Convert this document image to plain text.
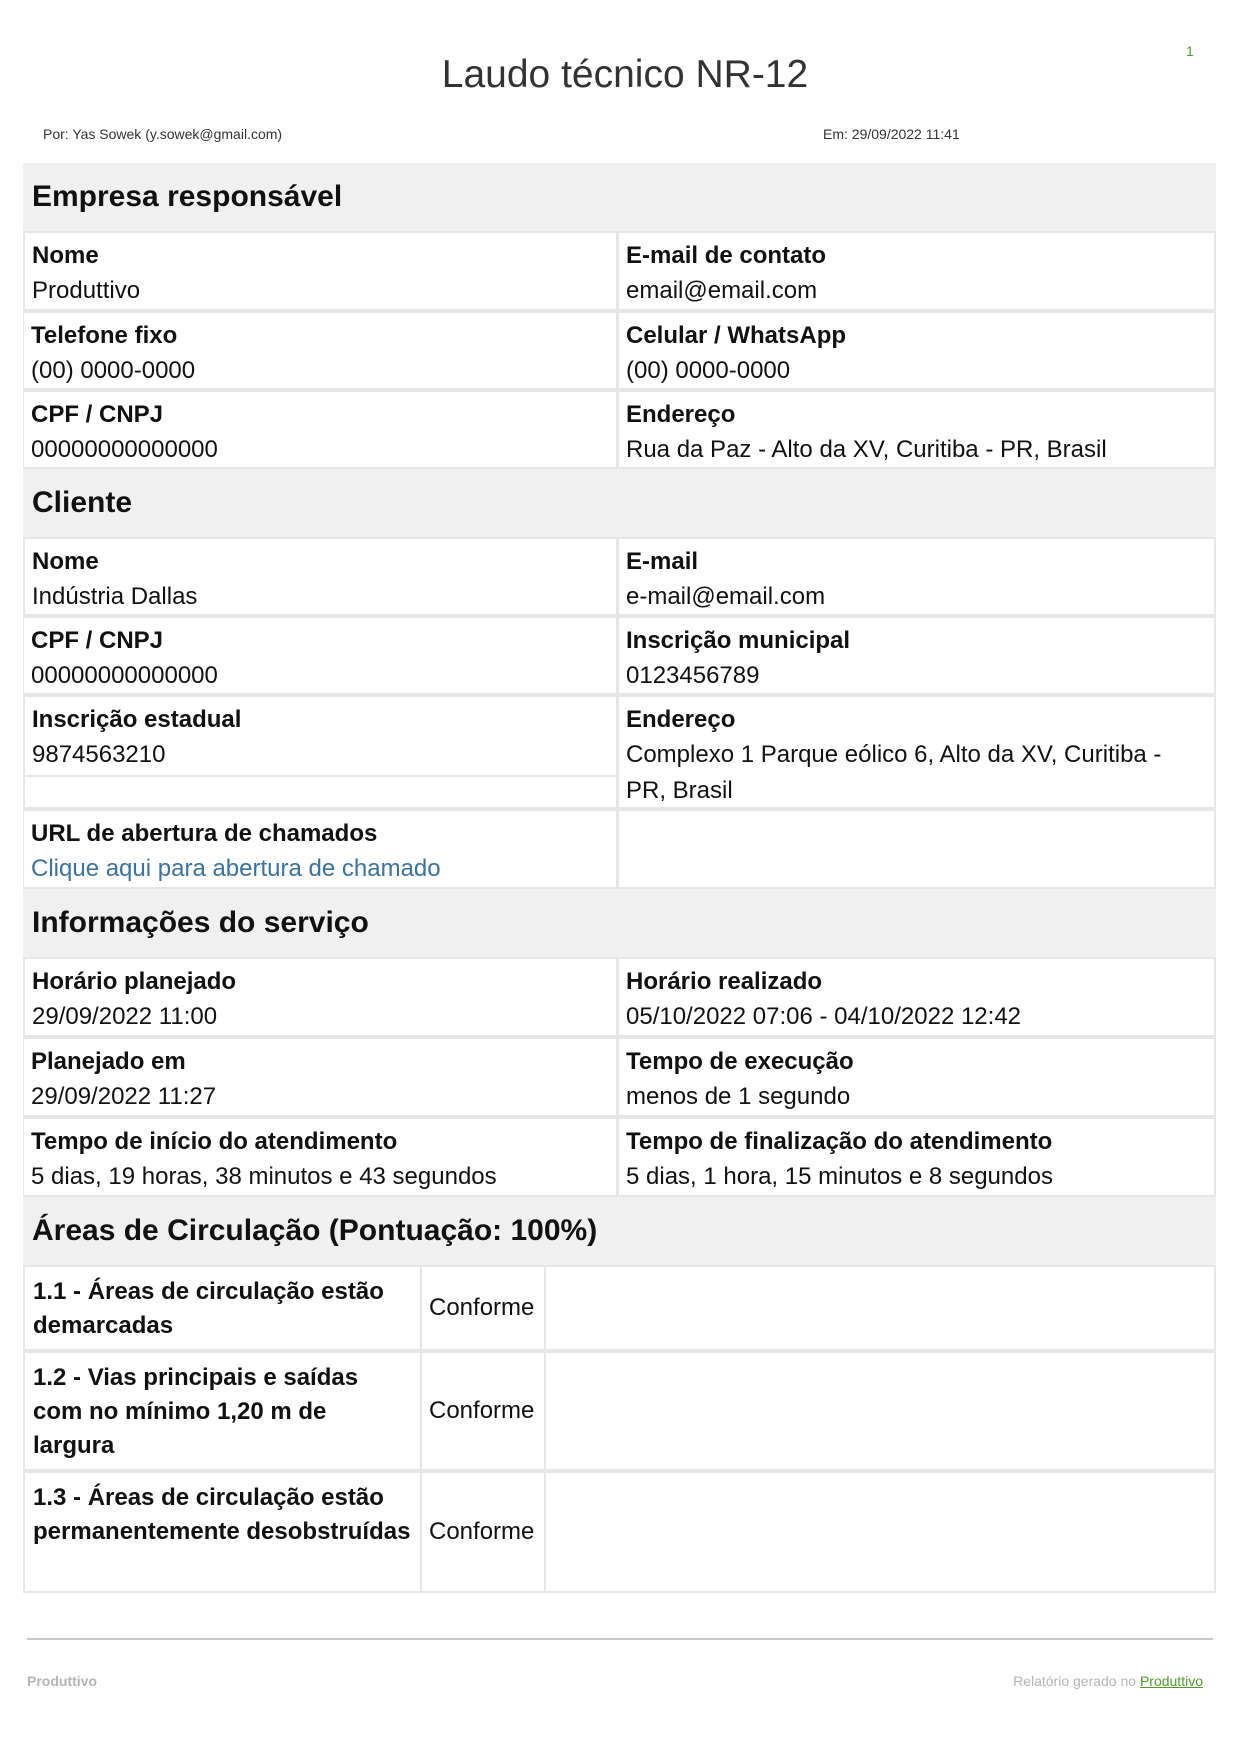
1
Laudo técnico NR-12
Por: Yas Sowek (y.sowek@gmail.com)	Em: 29/09/2022 11:41
Empresa responsável
Nome
Produttivo
E-mail de contato
email@email.com
Telefone fixo
(00) 0000-0000
Celular / WhatsApp
(00) 0000-0000
CPF / CNPJ
00000000000000
Endereço
Rua da Paz - Alto da XV, Curitiba - PR, Brasil
Cliente
Nome
Indústria Dallas
E-mail
e-mail@email.com
CPF / CNPJ
00000000000000
Inscrição municipal
0123456789
Inscrição estadual
9874563210
Endereço
Complexo 1 Parque eólico 6, Alto da XV, Curitiba - PR, Brasil
URL de abertura de chamados
Clique aqui para abertura de chamado
Informações do serviço
Horário planejado
29/09/2022 11:00
Horário realizado
05/10/2022 07:06 - 04/10/2022 12:42
Planejado em
29/09/2022 11:27
Tempo de execução
menos de 1 segundo
Tempo de início do atendimento
5 dias, 19 horas, 38 minutos e 43 segundos
Tempo de finalização do atendimento
5 dias, 1 hora, 15 minutos e 8 segundos
Áreas de Circulação (Pontuação: 100%)
1.1 - Áreas de circulação estão demarcadas
Conforme
1.2 - Vias principais e saídas com no mínimo 1,20 m de largura
Conforme
1.3 - Áreas de circulação estão permanentemente desobstruídas Conforme
Produttivo	Relatório gerado no Produttivo
